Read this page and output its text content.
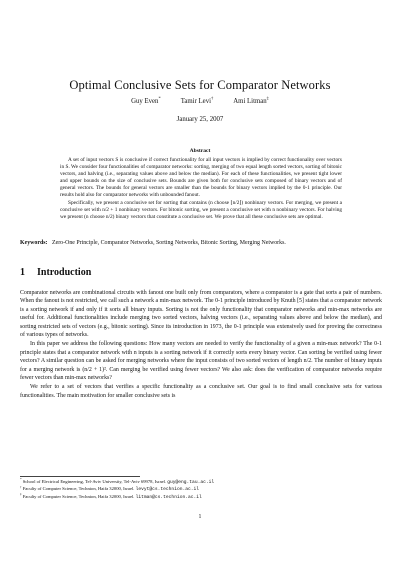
Optimal Conclusive Sets for Comparator Networks
Guy Even*	Tamir Levi†	Ami Litman‡
January 25, 2007
Abstract

A set of input vectors S is conclusive if correct functionality for all input vectors is implied by correct functionality over vectors in S. We consider four functionalities of comparator networks: sorting, merging of two equal length sorted vectors, sorting of bitonic vectors, and halving (i.e., separating values above and below the median). For each of these functionalities, we present tight lower and upper bounds on the size of conclusive sets. Bounds are given both for conclusive sets composed of binary vectors and of general vectors. The bounds for general vectors are smaller than the bounds for binary vectors implied by the 0-1 principle. Our results hold also for comparator networks with unbounded fanout.

Specifically, we present a conclusive set for sorting that contains (n choose ⌊n/2⌋) nonbinary vectors. For merging, we present a conclusive set with n/2 + 1 nonbinary vectors. For bitonic sorting, we present a conclusive set with n nonbinary vectors. For halving we present (n choose n/2) binary vectors that constitute a conclusive set. We prove that all these conclusive sets are optimal.

Keywords: Zero-One Principle, Comparator Networks, Sorting Networks, Bitonic Sorting, Merging Networks.
1 Introduction

Comparator networks are combinational circuits with fanout one built only from comparators, where a comparator is a gate that sorts a pair of numbers. When the fanout is not restricted, we call such a network a min-max network. The 0-1 principle introduced by Knuth [5] states that a comparator network is a sorting network if and only if it sorts all binary inputs. Sorting is not the only functionality that comparator networks and min-max networks are useful for. Additional functionalities include merging two sorted vectors, halving vectors (i.e., separating values above and below the median), and sorting restricted sets of vectors (e.g., bitonic sorting). Since its introduction in 1973, the 0-1 principle was extensively used for proving the correctness of various types of networks.

In this paper we address the following questions: How many vectors are needed to verify the functionality of a given a min-max network? The 0-1 principle states that a comparator network with n inputs is a sorting network if it correctly sorts every binary vector. Can sorting be verified using fewer vectors? A similar question can be asked for merging networks where the input consists of two sorted vectors of length n/2. The number of binary inputs for a merging network is (n/2 + 1)². Can merging be verified using fewer vectors? We also ask: does the verification of comparator networks require fewer vectors than min-max networks?

We refer to a set of vectors that verifies a specific functionality as a conclusive set. Our goal is to find small conclusive sets for various functionalities. The main motivation for smaller conclusive sets is

*School of Electrical Engineering, Tel-Aviv University, Tel-Aviv 69978, Israel. guy@eng.tau.ac.il
†Faculty of Computer Science, Technion, Haifa 32000, Israel. levyt@cs.technion.ac.il
‡Faculty of Computer Science, Technion, Haifa 32000, Israel. litman@cs.technion.ac.il
1
